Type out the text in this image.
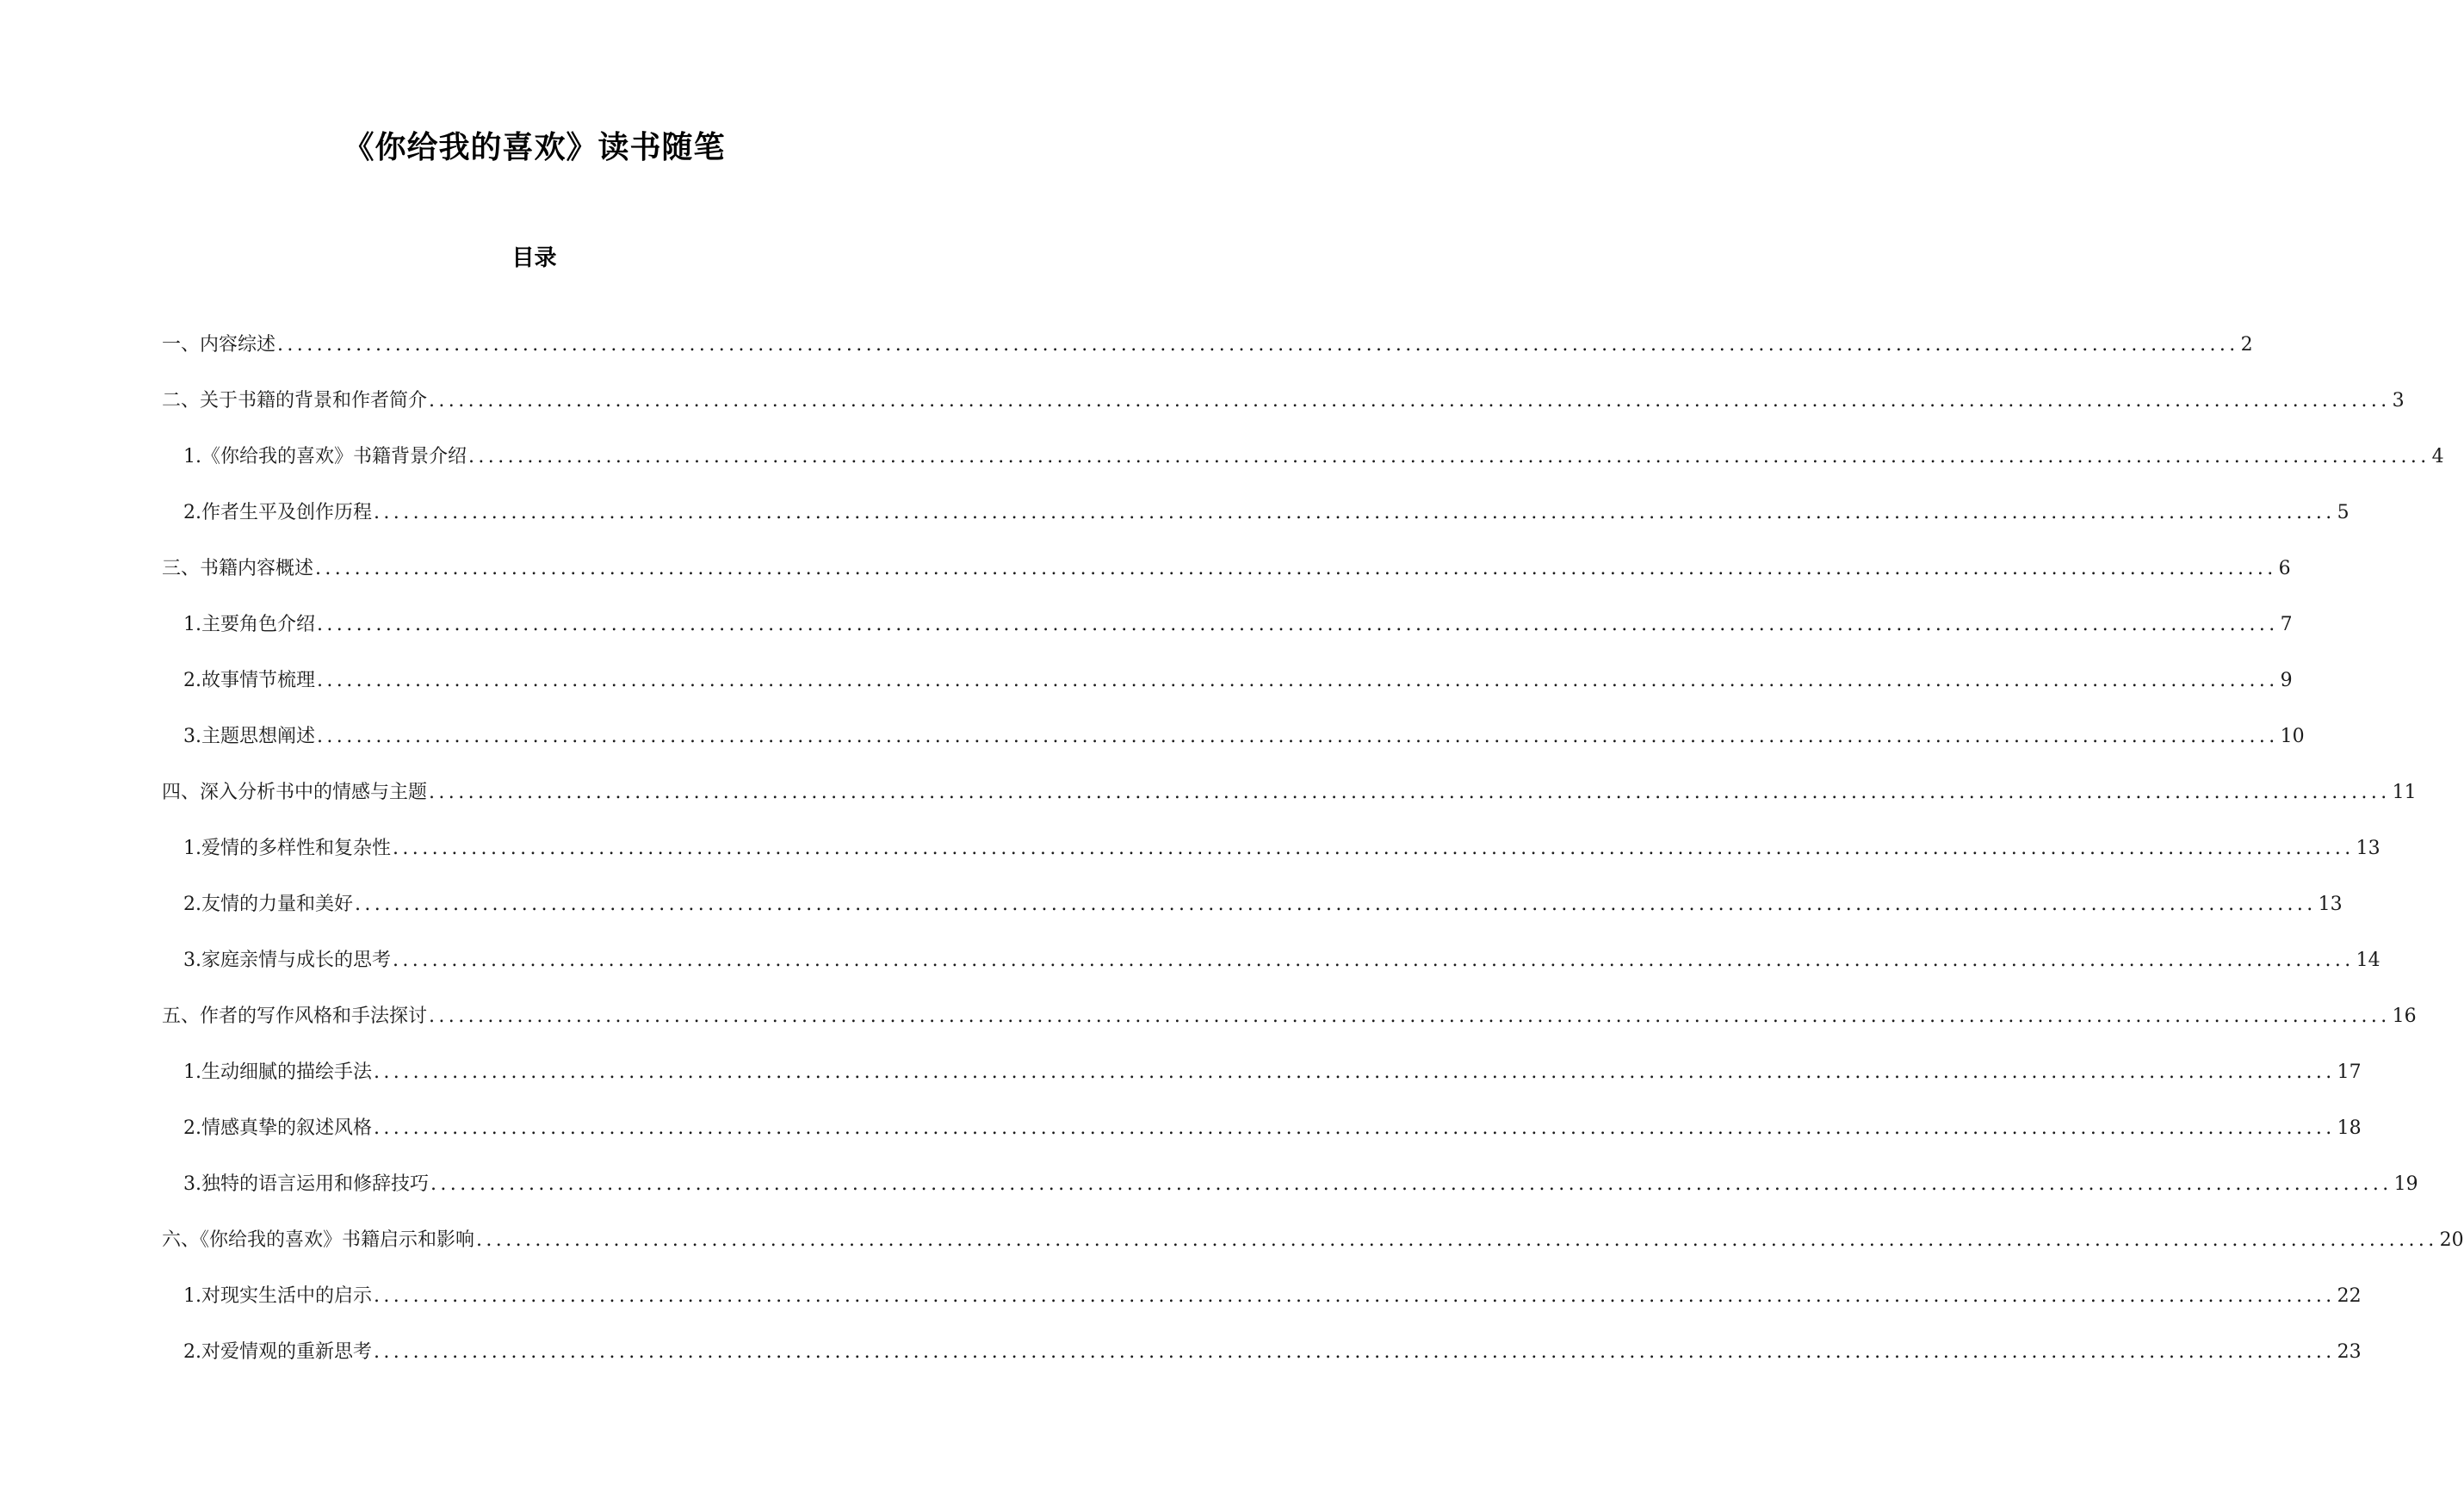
《你给我的喜欢》读书随笔
目录
一、内容综述 ........................................................................................................................................................................................................ 2
二、关于书籍的背景和作者简介 ........................................................................................................................................................................................................ 3
1. 《你给我的喜欢》书籍背景介绍 ........................................................................................................................................................................................................ 4
2. 作者生平及创作历程 ........................................................................................................................................................................................................ 5
三、书籍内容概述 ........................................................................................................................................................................................................ 6
1. 主要角色介绍 ........................................................................................................................................................................................................ 7
2. 故事情节梳理 ........................................................................................................................................................................................................ 9
3. 主题思想阐述 ........................................................................................................................................................................................................ 10
四、深入分析书中的情感与主题 ........................................................................................................................................................................................................ 11
1. 爱情的多样性和复杂性 ........................................................................................................................................................................................................ 13
2. 友情的力量和美好 ........................................................................................................................................................................................................ 13
3. 家庭亲情与成长的思考 ........................................................................................................................................................................................................ 14
五、作者的写作风格和手法探讨 ........................................................................................................................................................................................................ 16
1. 生动细腻的描绘手法 ........................................................................................................................................................................................................ 17
2. 情感真挚的叙述风格 ........................................................................................................................................................................................................ 18
3. 独特的语言运用和修辞技巧 ........................................................................................................................................................................................................ 19
六、《你给我的喜欢》书籍启示和影响 ........................................................................................................................................................................................................ 20
1. 对现实生活中的启示 ........................................................................................................................................................................................................ 22
2. 对爱情观的重新思考 ........................................................................................................................................................................................................ 23
